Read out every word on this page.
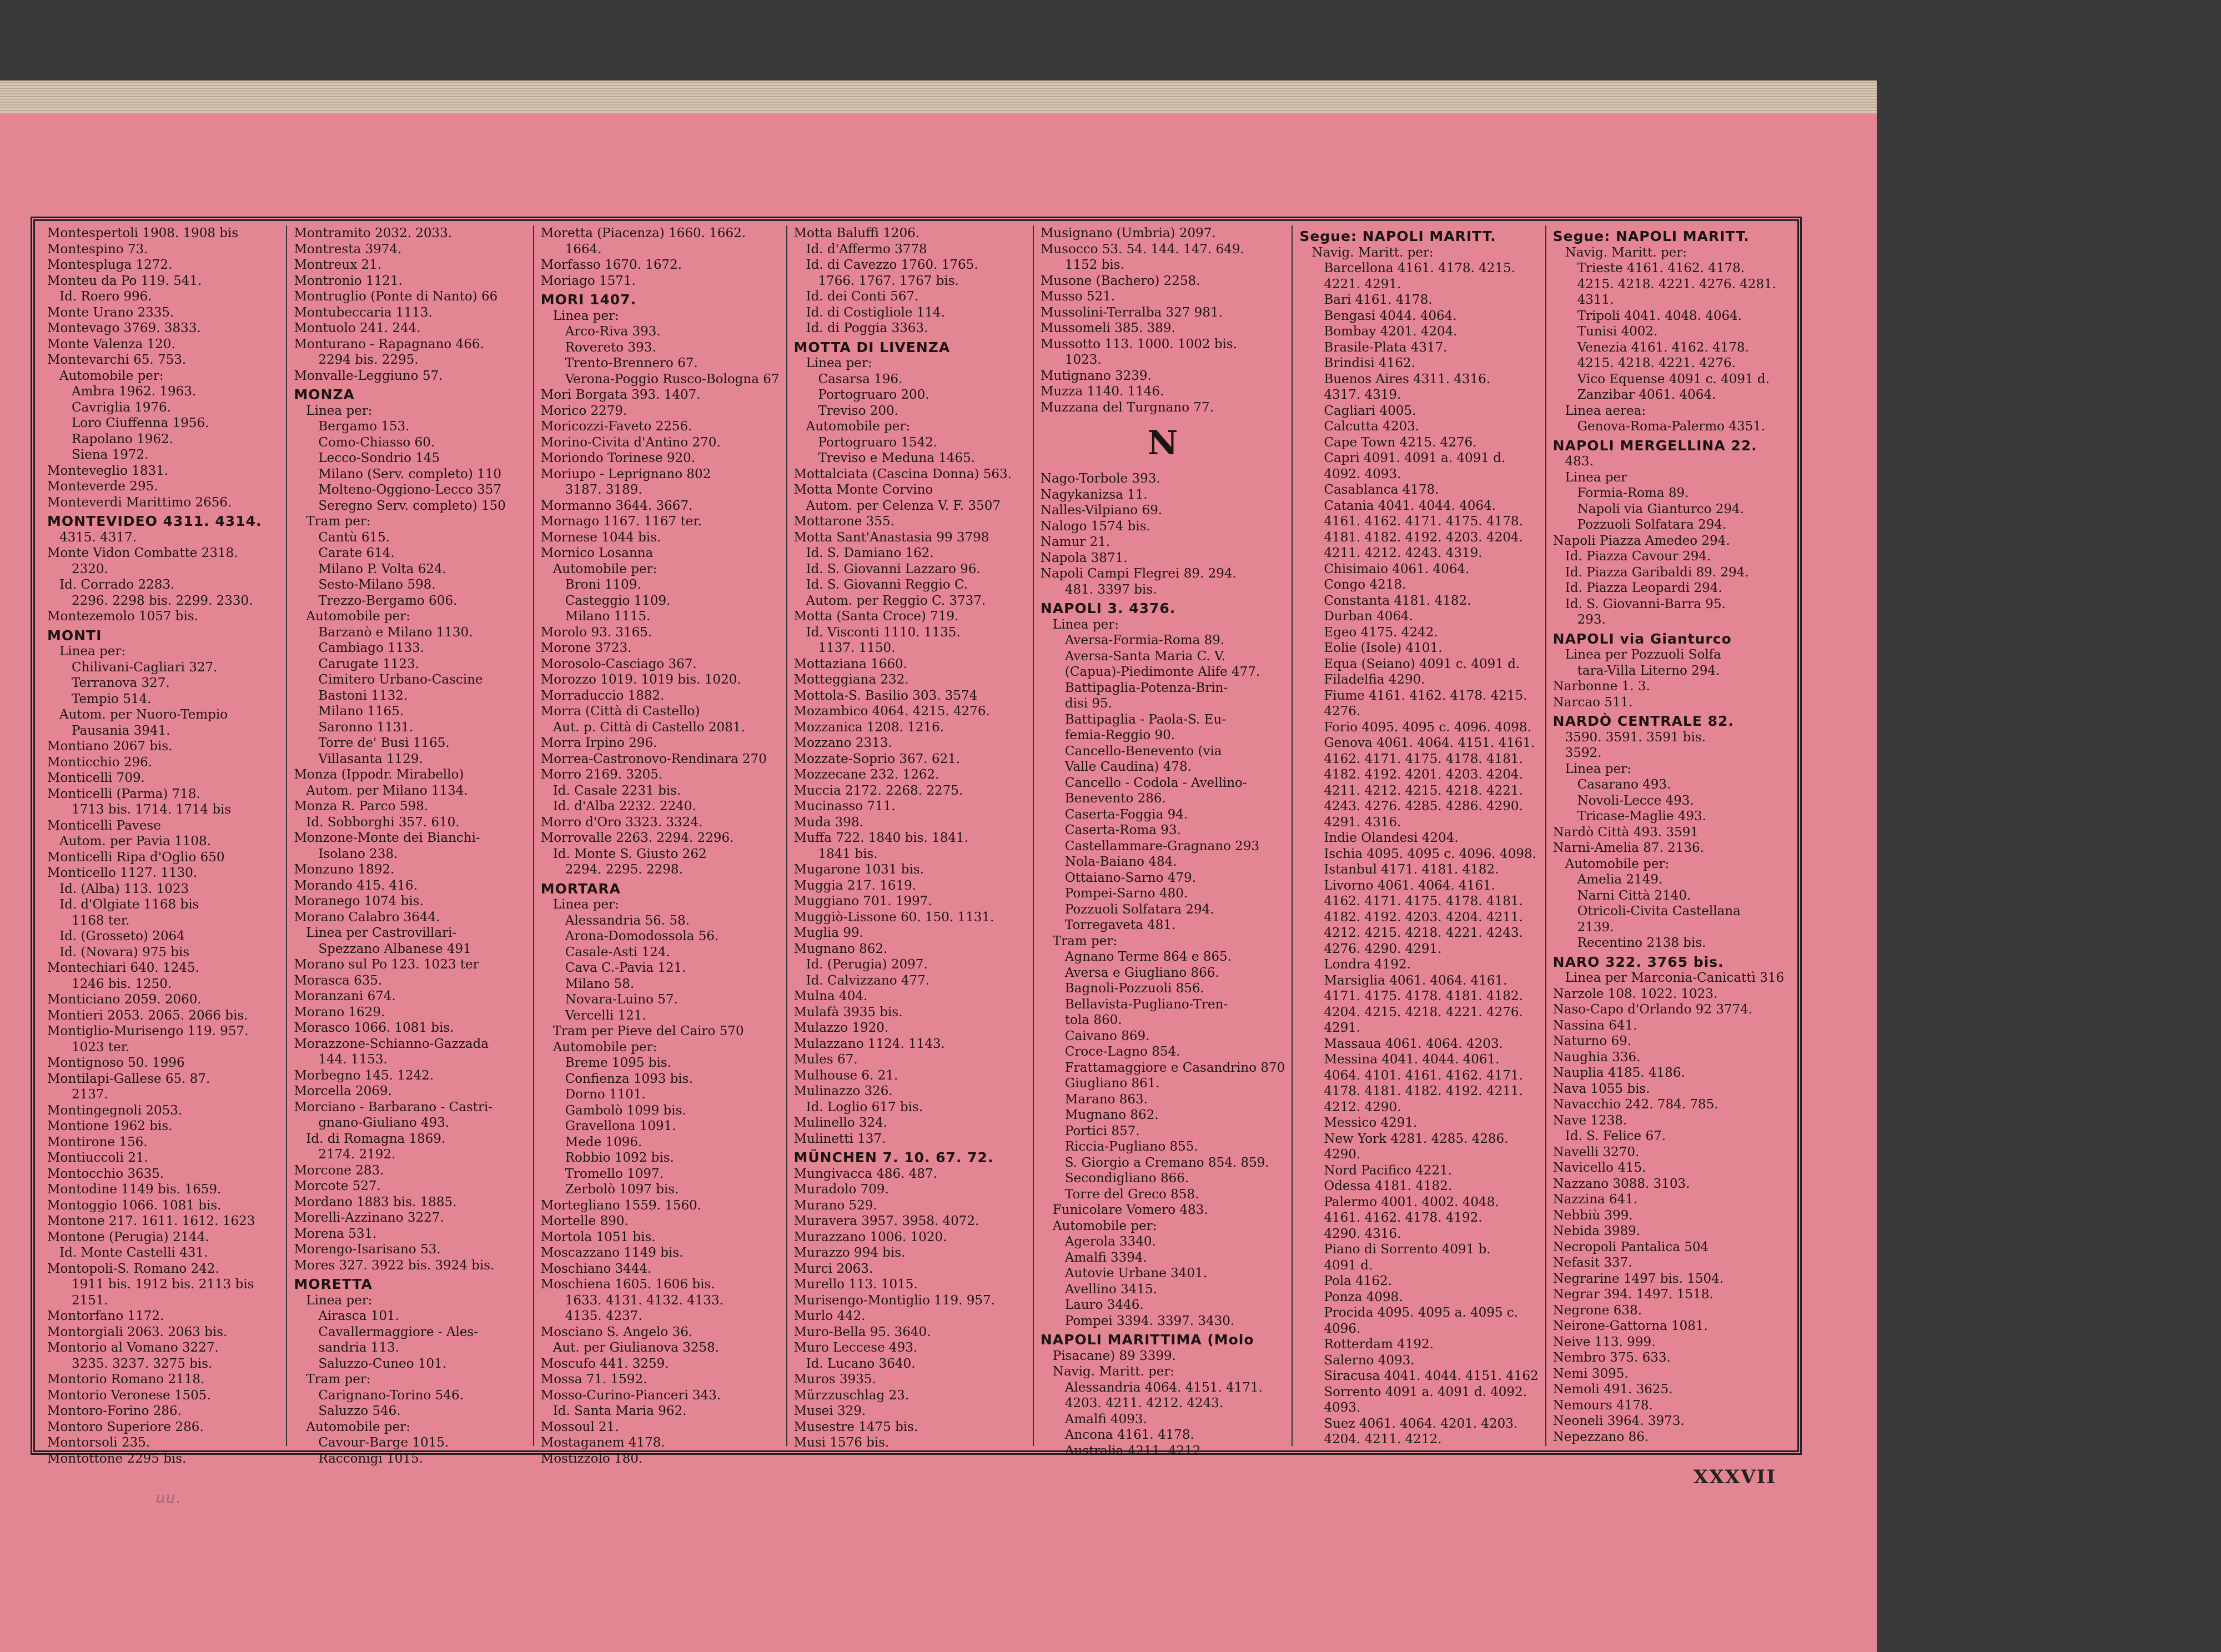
Montespertoli 1908. 1908 bis
Montespino 73.
Montespluga 1272.
Monteu da Po 119. 541.
Id. Roero 996.
Monte Urano 2335.
Montevago 3769. 3833.
Monte Valenza 120.
Montevarchi 65. 753.
Automobile per:
Ambra 1962. 1963.
Cavriglia 1976.
Loro Ciuffenna 1956.
Rapolano 1962.
Siena 1972.
Monteveglio 1831.
Monteverde 295.
Monteverdi Marittimo 2656.
MONTEVIDEO 4311. 4314.
4315. 4317.
Monte Vidon Combatte 2318.
2320.
Id. Corrado 2283.
2296. 2298 bis. 2299. 2330.
Montezemolo 1057 bis.
MONTI
Linea per:
Chilivani-Cagliari 327.
Terranova 327.
Tempio 514.
Autom. per Nuoro-Tempio
Pausania 3941.
Montiano 2067 bis.
Monticchio 296.
Monticelli 709.
Monticelli (Parma) 718.
1713 bis. 1714. 1714 bis
Monticelli Pavese
Autom. per Pavia 1108.
Monticelli Ripa d'Oglio 650
Monticello 1127. 1130.
Id. (Alba) 113. 1023
Id. d'Olgiate 1168 bis
1168 ter.
Id. (Grosseto) 2064
Id. (Novara) 975 bis
Montechiari 640. 1245.
1246 bis. 1250.
Monticiano 2059. 2060.
Montieri 2053. 2065. 2066 bis.
Montiglio-Murisengo 119. 957.
1023 ter.
Montignoso 50. 1996
Montilapi-Gallese 65. 87.
2137.
Montingegnoli 2053.
Montione 1962 bis.
Montirone 156.
Montiuccoli 21.
Montocchio 3635.
Montodine 1149 bis. 1659.
Montoggio 1066. 1081 bis.
Montone 217. 1611. 1612. 1623
Montone (Perugia) 2144.
Id. Monte Castelli 431.
Montopoli-S. Romano 242.
1911 bis. 1912 bis. 2113 bis
2151.
Montorfano 1172.
Montorgiali 2063. 2063 bis.
Montorio al Vomano 3227.
3235. 3237. 3275 bis.
Montorio Romano 2118.
Montorio Veronese 1505.
Montoro-Forino 286.
Montoro Superiore 286.
Montorsoli 235.
Montottone 2295 bis.
Montramito 2032. 2033.
Montresta 3974.
Montreux 21.
Montronio 1121.
Montruglio (Ponte di Nanto) 66
Montubeccaria 1113.
Montuolo 241. 244.
Monturano - Rapagnano 466.
2294 bis. 2295.
Monvalle-Leggiuno 57.
MONZA
Linea per:
Bergamo 153.
Como-Chiasso 60.
Lecco-Sondrio 145
Milano (Serv. completo) 110
Molteno-Oggiono-Lecco 357
Seregno Serv. completo) 150
Tram per:
Cantù 615.
Carate 614.
Milano P. Volta 624.
Sesto-Milano 598.
Trezzo-Bergamo 606.
Automobile per:
Barzanò e Milano 1130.
Cambiago 1133.
Carugate 1123.
Cimitero Urbano-Cascine
Bastoni 1132.
Milano 1165.
Saronno 1131.
Torre de' Busi 1165.
Villasanta 1129.
Monza (Ippodr. Mirabello)
Autom. per Milano 1134.
Monza R. Parco 598.
Id. Sobborghi 357. 610.
Monzone-Monte dei Bianchi-
Isolano 238.
Monzuno 1892.
Morando 415. 416.
Moranego 1074 bis.
Morano Calabro 3644.
Linea per Castrovillari-
Spezzano Albanese 491
Morano sul Po 123. 1023 ter
Morasca 635.
Moranzani 674.
Morano 1629.
Morasco 1066. 1081 bis.
Morazzone-Schianno-Gazzada
144. 1153.
Morbegno 145. 1242.
Morcella 2069.
Morciano - Barbarano - Castri-
gnano-Giuliano 493.
Id. di Romagna 1869.
2174. 2192.
Morcone 283.
Morcote 527.
Mordano 1883 bis. 1885.
Morelli-Azzinano 3227.
Morena 531.
Morengo-Isarisano 53.
Mores 327. 3922 bis. 3924 bis.
MORETTA
Linea per:
Airasca 101.
Cavallermaggiore - Ales-
sandria 113.
Saluzzo-Cuneo 101.
Tram per:
Carignano-Torino 546.
Saluzzo 546.
Automobile per:
Cavour-Barge 1015.
Racconigi 1015.
Moretta (Piacenza) 1660. 1662.
1664.
Morfasso 1670. 1672.
Moriago 1571.
MORI 1407.
Linea per:
Arco-Riva 393.
Rovereto 393.
Trento-Brennero 67.
Verona-Poggio Rusco-Bologna 67
Mori Borgata 393. 1407.
Morico 2279.
Moricozzi-Faveto 2256.
Morino-Civita d'Antino 270.
Moriondo Torinese 920.
Moriupo - Leprignano 802
3187. 3189.
Mormanno 3644. 3667.
Mornago 1167. 1167 ter.
Mornese 1044 bis.
Mornico Losanna
Automobile per:
Broni 1109.
Casteggio 1109.
Milano 1115.
Morolo 93. 3165.
Morone 3723.
Morosolo-Casciago 367.
Morozzo 1019. 1019 bis. 1020.
Morraduccio 1882.
Morra (Città di Castello)
Aut. p. Città di Castello 2081.
Morra Irpino 296.
Morrea-Castronovo-Rendinara 270
Morro 2169. 3205.
Id. Casale 2231 bis.
Id. d'Alba 2232. 2240.
Morro d'Oro 3323. 3324.
Morrovalle 2263. 2294. 2296.
Id. Monte S. Giusto 262
2294. 2295. 2298.
MORTARA
Linea per:
Alessandria 56. 58.
Arona-Domodossola 56.
Casale-Asti 124.
Cava C.-Pavia 121.
Milano 58.
Novara-Luino 57.
Vercelli 121.
Tram per Pieve del Cairo 570
Automobile per:
Breme 1095 bis.
Confienza 1093 bis.
Dorno 1101.
Gambolò 1099 bis.
Gravellona 1091.
Mede 1096.
Robbio 1092 bis.
Tromello 1097.
Zerbolò 1097 bis.
Mortegliano 1559. 1560.
Mortelle 890.
Mortola 1051 bis.
Moscazzano 1149 bis.
Moschiano 3444.
Moschiena 1605. 1606 bis.
1633. 4131. 4132. 4133.
4135. 4237.
Mosciano S. Angelo 36.
Aut. per Giulianova 3258.
Moscufo 441. 3259.
Mossa 71. 1592.
Mosso-Curino-Pianceri 343.
Id. Santa Maria 962.
Mossoul 21.
Mostaganem 4178.
Mostizzolo 180.
Motta Baluffi 1206.
Id. d'Affermo 3778
Id. di Cavezzo 1760. 1765.
1766. 1767. 1767 bis.
Id. dei Conti 567.
Id. di Costigliole 114.
Id. di Poggia 3363.
MOTTA DI LIVENZA
Linea per:
Casarsa 196.
Portogruaro 200.
Treviso 200.
Automobile per:
Portogruaro 1542.
Treviso e Meduna 1465.
Mottalciata (Cascina Donna) 563.
Motta Monte Corvino
Autom. per Celenza V. F. 3507
Mottarone 355.
Motta Sant'Anastasia 99 3798
Id. S. Damiano 162.
Id. S. Giovanni Lazzaro 96.
Id. S. Giovanni Reggio C.
Autom. per Reggio C. 3737.
Motta (Santa Croce) 719.
Id. Visconti 1110. 1135.
1137. 1150.
Mottaziana 1660.
Motteggiana 232.
Mottola-S. Basilio 303. 3574
Mozambico 4064. 4215. 4276.
Mozzanica 1208. 1216.
Mozzano 2313.
Mozzate-Soprio 367. 621.
Mozzecane 232. 1262.
Muccia 2172. 2268. 2275.
Mucinasso 711.
Muda 398.
Muffa 722. 1840 bis. 1841.
1841 bis.
Mugarone 1031 bis.
Muggia 217. 1619.
Muggiano 701. 1997.
Muggiò-Lissone 60. 150. 1131.
Muglia 99.
Mugnano 862.
Id. (Perugia) 2097.
Id. Calvizzano 477.
Mulna 404.
Mulafà 3935 bis.
Mulazzo 1920.
Mulazzano 1124. 1143.
Mules 67.
Mulhouse 6. 21.
Mulinazzo 326.
Id. Loglio 617 bis.
Mulinello 324.
Mulinetti 137.
MÜNCHEN 7. 10. 67. 72.
Mungivacca 486. 487.
Muradolo 709.
Murano 529.
Muravera 3957. 3958. 4072.
Murazzano 1006. 1020.
Murazzo 994 bis.
Murci 2063.
Murello 113. 1015.
Murisengo-Montiglio 119. 957.
Murlo 442.
Muro-Bella 95. 3640.
Muro Leccese 493.
Id. Lucano 3640.
Muros 3935.
Mürzzuschlag 23.
Musei 329.
Musestre 1475 bis.
Musi 1576 bis.
Musignano (Umbria) 2097.
Musocco 53. 54. 144. 147. 649.
1152 bis.
Musone (Bachero) 2258.
Musso 521.
Mussolini-Terralba 327 981.
Mussomeli 385. 389.
Mussotto 113. 1000. 1002 bis.
1023.
Mutignano 3239.
Muzza 1140. 1146.
Muzzana del Turgnano 77.
N
Nago-Torbole 393.
Nagykanizsa 11.
Nalles-Vilpiano 69.
Nalogo 1574 bis.
Namur 21.
Napola 3871.
Napoli Campi Flegrei 89. 294.
481. 3397 bis.
NAPOLI 3. 4376.
Linea per:
Aversa-Formia-Roma 89.
Aversa-Santa Maria C. V.
(Capua)-Piedimonte Alife 477.
Battipaglia-Potenza-Brin-
disi 95.
Battipaglia - Paola-S. Eu-
femia-Reggio 90.
Cancello-Benevento (via
Valle Caudina) 478.
Cancello - Codola - Avellino-
Benevento 286.
Caserta-Foggia 94.
Caserta-Roma 93.
Castellammare-Gragnano 293
Nola-Baiano 484.
Ottaiano-Sarno 479.
Pompei-Sarno 480.
Pozzuoli Solfatara 294.
Torregaveta 481.
Tram per:
Agnano Terme 864 e 865.
Aversa e Giugliano 866.
Bagnoli-Pozzuoli 856.
Bellavista-Pugliano-Tren-
tola 860.
Caivano 869.
Croce-Lagno 854.
Frattamaggiore e Casandrino 870
Giugliano 861.
Marano 863.
Mugnano 862.
Portici 857.
Riccia-Pugliano 855.
S. Giorgio a Cremano 854. 859.
Secondigliano 866.
Torre del Greco 858.
Funicolare Vomero 483.
Automobile per:
Agerola 3340.
Amalfi 3394.
Autovie Urbane 3401.
Avellino 3415.
Lauro 3446.
Pompei 3394. 3397. 3430.
NAPOLI MARITTIMA (Molo
Pisacane) 89 3399.
Navig. Maritt. per:
Alessandria 4064. 4151. 4171.
4203. 4211. 4212. 4243.
Amalfi 4093.
Ancona 4161. 4178.
Australia 4211. 4212.
Segue: NAPOLI MARITT.
Navig. Maritt. per:
Barcellona 4161. 4178. 4215.
4221. 4291.
Bari 4161. 4178.
Bengasi 4044. 4064.
Bombay 4201. 4204.
Brasile-Plata 4317.
Brindisi 4162.
Buenos Aires 4311. 4316.
4317. 4319.
Cagliari 4005.
Calcutta 4203.
Cape Town 4215. 4276.
Capri 4091. 4091 a. 4091 d.
4092. 4093.
Casablanca 4178.
Catania 4041. 4044. 4064.
4161. 4162. 4171. 4175. 4178.
4181. 4182. 4192. 4203. 4204.
4211. 4212. 4243. 4319.
Chisimaio 4061. 4064.
Congo 4218.
Constanta 4181. 4182.
Durban 4064.
Egeo 4175. 4242.
Eolie (Isole) 4101.
Equa (Seiano) 4091 c. 4091 d.
Filadelfia 4290.
Fiume 4161. 4162. 4178. 4215.
4276.
Forio 4095. 4095 c. 4096. 4098.
Genova 4061. 4064. 4151. 4161.
4162. 4171. 4175. 4178. 4181.
4182. 4192. 4201. 4203. 4204.
4211. 4212. 4215. 4218. 4221.
4243. 4276. 4285. 4286. 4290.
4291. 4316.
Indie Olandesi 4204.
Ischia 4095. 4095 c. 4096. 4098.
Istanbul 4171. 4181. 4182.
Livorno 4061. 4064. 4161.
4162. 4171. 4175. 4178. 4181.
4182. 4192. 4203. 4204. 4211.
4212. 4215. 4218. 4221. 4243.
4276. 4290. 4291.
Londra 4192.
Marsiglia 4061. 4064. 4161.
4171. 4175. 4178. 4181. 4182.
4204. 4215. 4218. 4221. 4276.
4291.
Massaua 4061. 4064. 4203.
Messina 4041. 4044. 4061.
4064. 4101. 4161. 4162. 4171.
4178. 4181. 4182. 4192. 4211.
4212. 4290.
Messico 4291.
New York 4281. 4285. 4286.
4290.
Nord Pacifico 4221.
Odessa 4181. 4182.
Palermo 4001. 4002. 4048.
4161. 4162. 4178. 4192.
4290. 4316.
Piano di Sorrento 4091 b.
4091 d.
Pola 4162.
Ponza 4098.
Procida 4095. 4095 a. 4095 c.
4096.
Rotterdam 4192.
Salerno 4093.
Siracusa 4041. 4044. 4151. 4162
Sorrento 4091 a. 4091 d. 4092.
4093.
Suez 4061. 4064. 4201. 4203.
4204. 4211. 4212.
Segue: NAPOLI MARITT.
Navig. Maritt. per:
Trieste 4161. 4162. 4178.
4215. 4218. 4221. 4276. 4281.
4311.
Tripoli 4041. 4048. 4064.
Tunisi 4002.
Venezia 4161. 4162. 4178.
4215. 4218. 4221. 4276.
Vico Equense 4091 c. 4091 d.
Zanzibar 4061. 4064.
Linea aerea:
Genova-Roma-Palermo 4351.
NAPOLI MERGELLINA 22.
483.
Linea per
Formia-Roma 89.
Napoli via Gianturco 294.
Pozzuoli Solfatara 294.
Napoli Piazza Amedeo 294.
Id. Piazza Cavour 294.
Id. Piazza Garibaldi 89. 294.
Id. Piazza Leopardi 294.
Id. S. Giovanni-Barra 95.
293.
NAPOLI via Gianturco
Linea per Pozzuoli Solfa
tara-Villa Literno 294.
Narbonne 1. 3.
Narcao 511.
NARDÒ CENTRALE 82.
3590. 3591. 3591 bis.
3592.
Linea per:
Casarano 493.
Novoli-Lecce 493.
Tricase-Maglie 493.
Nardò Città 493. 3591
Narni-Amelia 87. 2136.
Automobile per:
Amelia 2149.
Narni Città 2140.
Otricoli-Civita Castellana
2139.
Recentino 2138 bis.
NARO 322. 3765 bis.
Linea per Marconia-Canicattì 316
Narzole 108. 1022. 1023.
Naso-Capo d'Orlando 92 3774.
Nassina 641.
Naturno 69.
Naughia 336.
Nauplia 4185. 4186.
Nava 1055 bis.
Navacchio 242. 784. 785.
Nave 1238.
Id. S. Felice 67.
Navelli 3270.
Navicello 415.
Nazzano 3088. 3103.
Nazzina 641.
Nebbiù 399.
Nebida 3989.
Necropoli Pantalica 504
Nefasit 337.
Negrarine 1497 bis. 1504.
Negrar 394. 1497. 1518.
Negrone 638.
Neirone-Gattorna 1081.
Neive 113. 999.
Nembro 375. 633.
Nemi 3095.
Nemoli 491. 3625.
Nemours 4178.
Neoneli 3964. 3973.
Nepezzano 86.
XXXVII
uu.
